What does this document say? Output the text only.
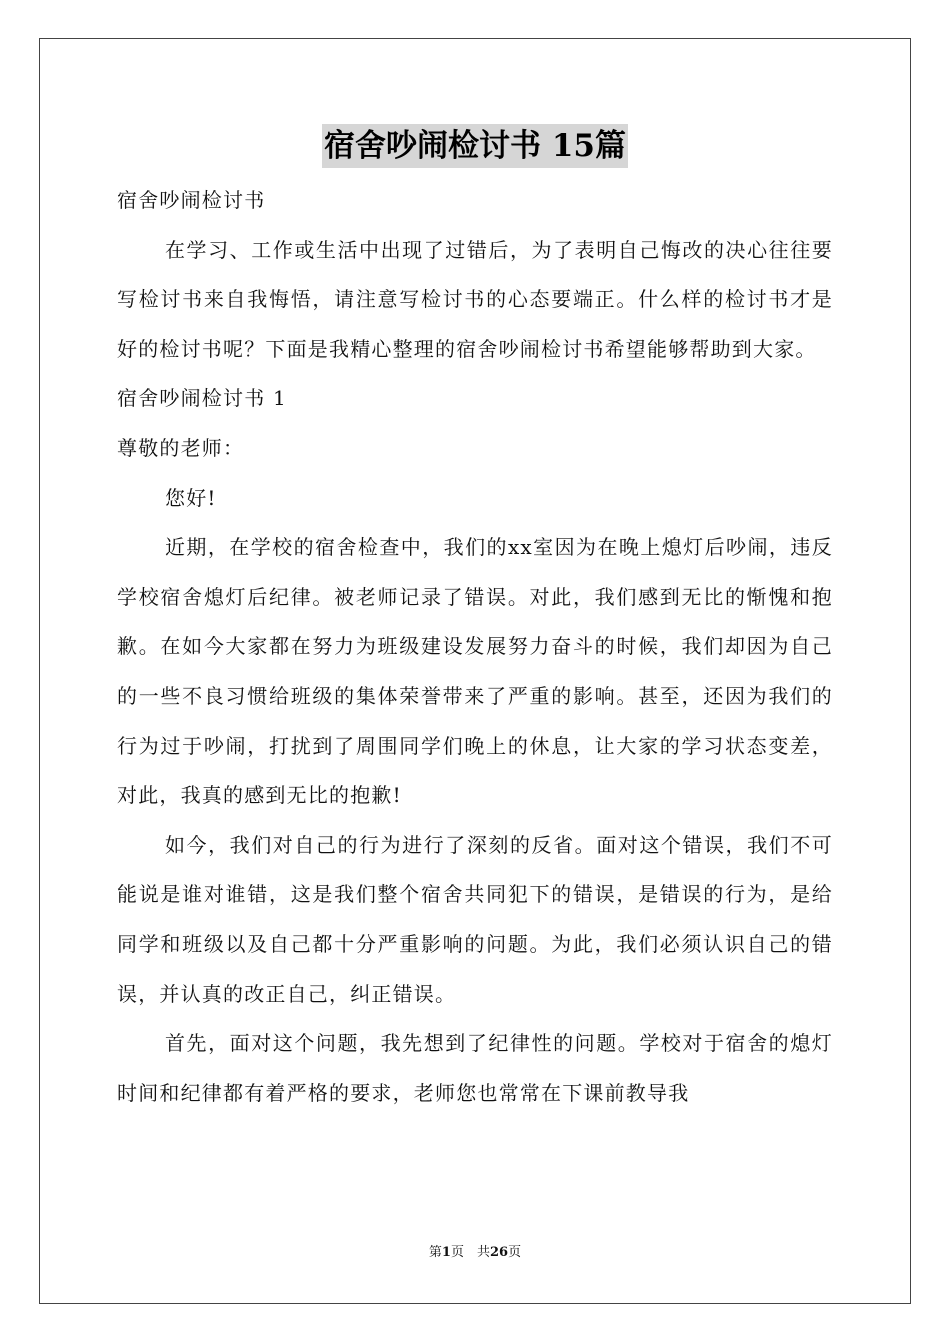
宿舍吵闹检讨书 15篇

宿舍吵闹检讨书

在学习、工作或生活中出现了过错后，为了表明自己悔改的决心往往要写检讨书来自我悔悟，请注意写检讨书的心态要端正。什么样的检讨书才是好的检讨书呢？下面是我精心整理的宿舍吵闹检讨书希望能够帮助到大家。

宿舍吵闹检讨书 1

尊敬的老师：

您好!

近期，在学校的宿舍检查中，我们的xx室因为在晚上熄灯后吵闹，违反学校宿舍熄灯后纪律。被老师记录了错误。对此，我们感到无比的惭愧和抱歉。在如今大家都在努力为班级建设发展努力奋斗的时候，我们却因为自己的一些不良习惯给班级的集体荣誉带来了严重的影响。甚至，还因为我们的行为过于吵闹，打扰到了周围同学们晚上的休息，让大家的学习状态变差，对此，我真的感到无比的抱歉!

如今，我们对自己的行为进行了深刻的反省。面对这个错误，我们不可能说是谁对谁错，这是我们整个宿舍共同犯下的错误，是错误的行为，是给同学和班级以及自己都十分严重影响的问题。为此，我们必须认识自己的错误，并认真的改正自己，纠正错误。

首先，面对这个问题，我先想到了纪律性的问题。学校对于宿舍的熄灯时间和纪律都有着严格的要求，老师您也常常在下课前教导我

第1页　共26页
